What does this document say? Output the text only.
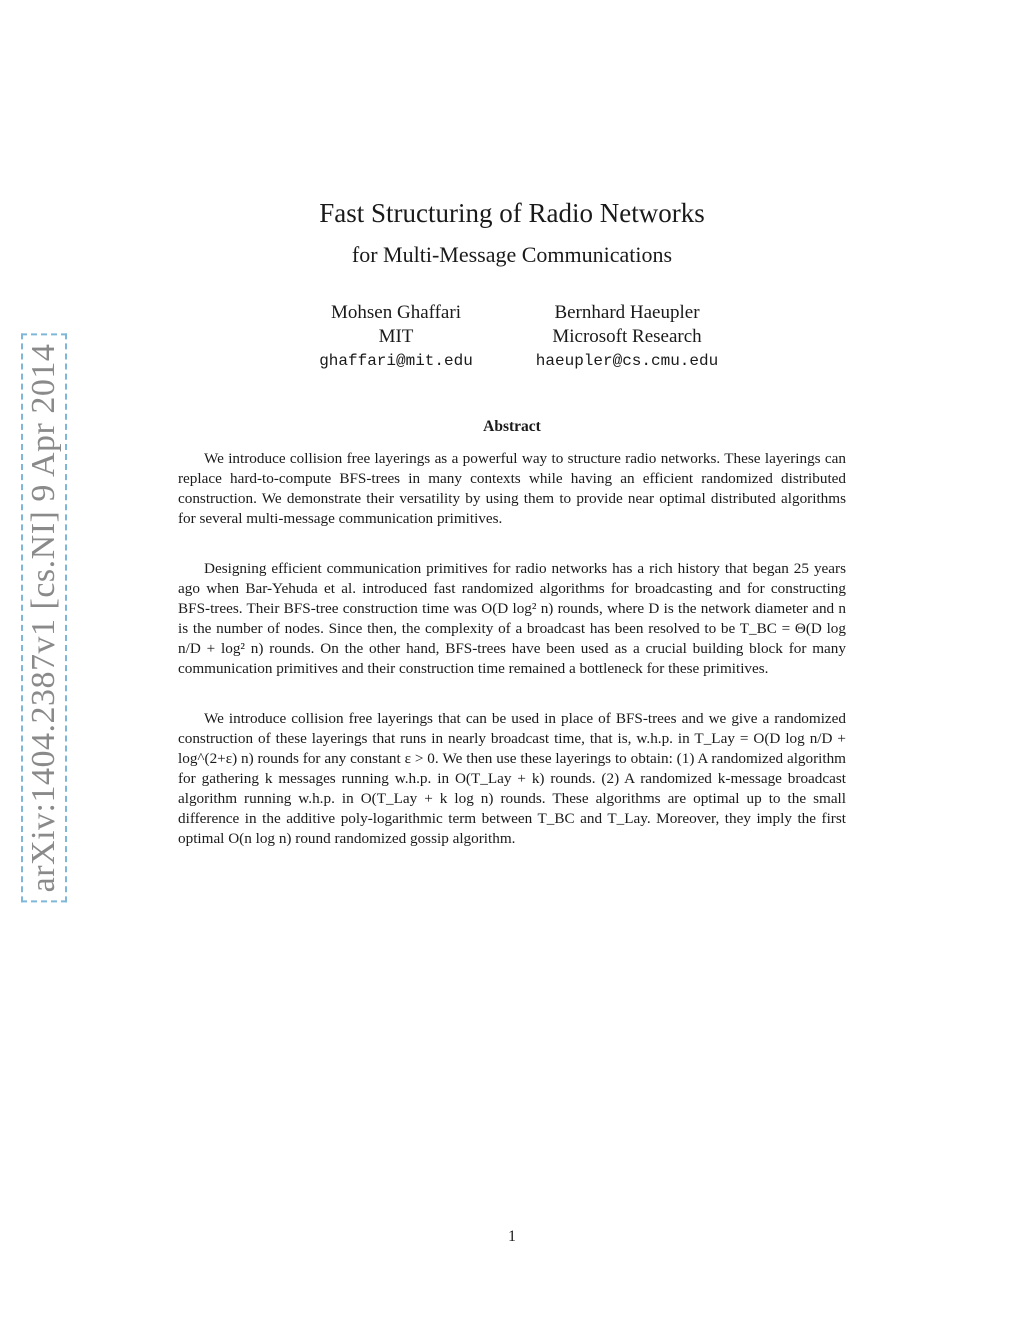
arXiv:1404.2387v1 [cs.NI] 9 Apr 2014
Fast Structuring of Radio Networks
for Multi-Message Communications
Mohsen Ghaffari
MIT
ghaffari@mit.edu
Bernhard Haeupler
Microsoft Research
haeupler@cs.cmu.edu
Abstract

We introduce collision free layerings as a powerful way to structure radio networks. These layerings can replace hard-to-compute BFS-trees in many contexts while having an efficient randomized distributed construction. We demonstrate their versatility by using them to provide near optimal distributed algorithms for several multi-message communication primitives.

Designing efficient communication primitives for radio networks has a rich history that began 25 years ago when Bar-Yehuda et al. introduced fast randomized algorithms for broadcasting and for constructing BFS-trees. Their BFS-tree construction time was O(D log² n) rounds, where D is the network diameter and n is the number of nodes. Since then, the complexity of a broadcast has been resolved to be T_BC = Θ(D log n/D + log² n) rounds. On the other hand, BFS-trees have been used as a crucial building block for many communication primitives and their construction time remained a bottleneck for these primitives.

We introduce collision free layerings that can be used in place of BFS-trees and we give a randomized construction of these layerings that runs in nearly broadcast time, that is, w.h.p. in T_Lay = O(D log n/D + log^(2+ε) n) rounds for any constant ε > 0. We then use these layerings to obtain: (1) A randomized algorithm for gathering k messages running w.h.p. in O(T_Lay + k) rounds. (2) A randomized k-message broadcast algorithm running w.h.p. in O(T_Lay + k log n) rounds. These algorithms are optimal up to the small difference in the additive poly-logarithmic term between T_BC and T_Lay. Moreover, they imply the first optimal O(n log n) round randomized gossip algorithm.

1
